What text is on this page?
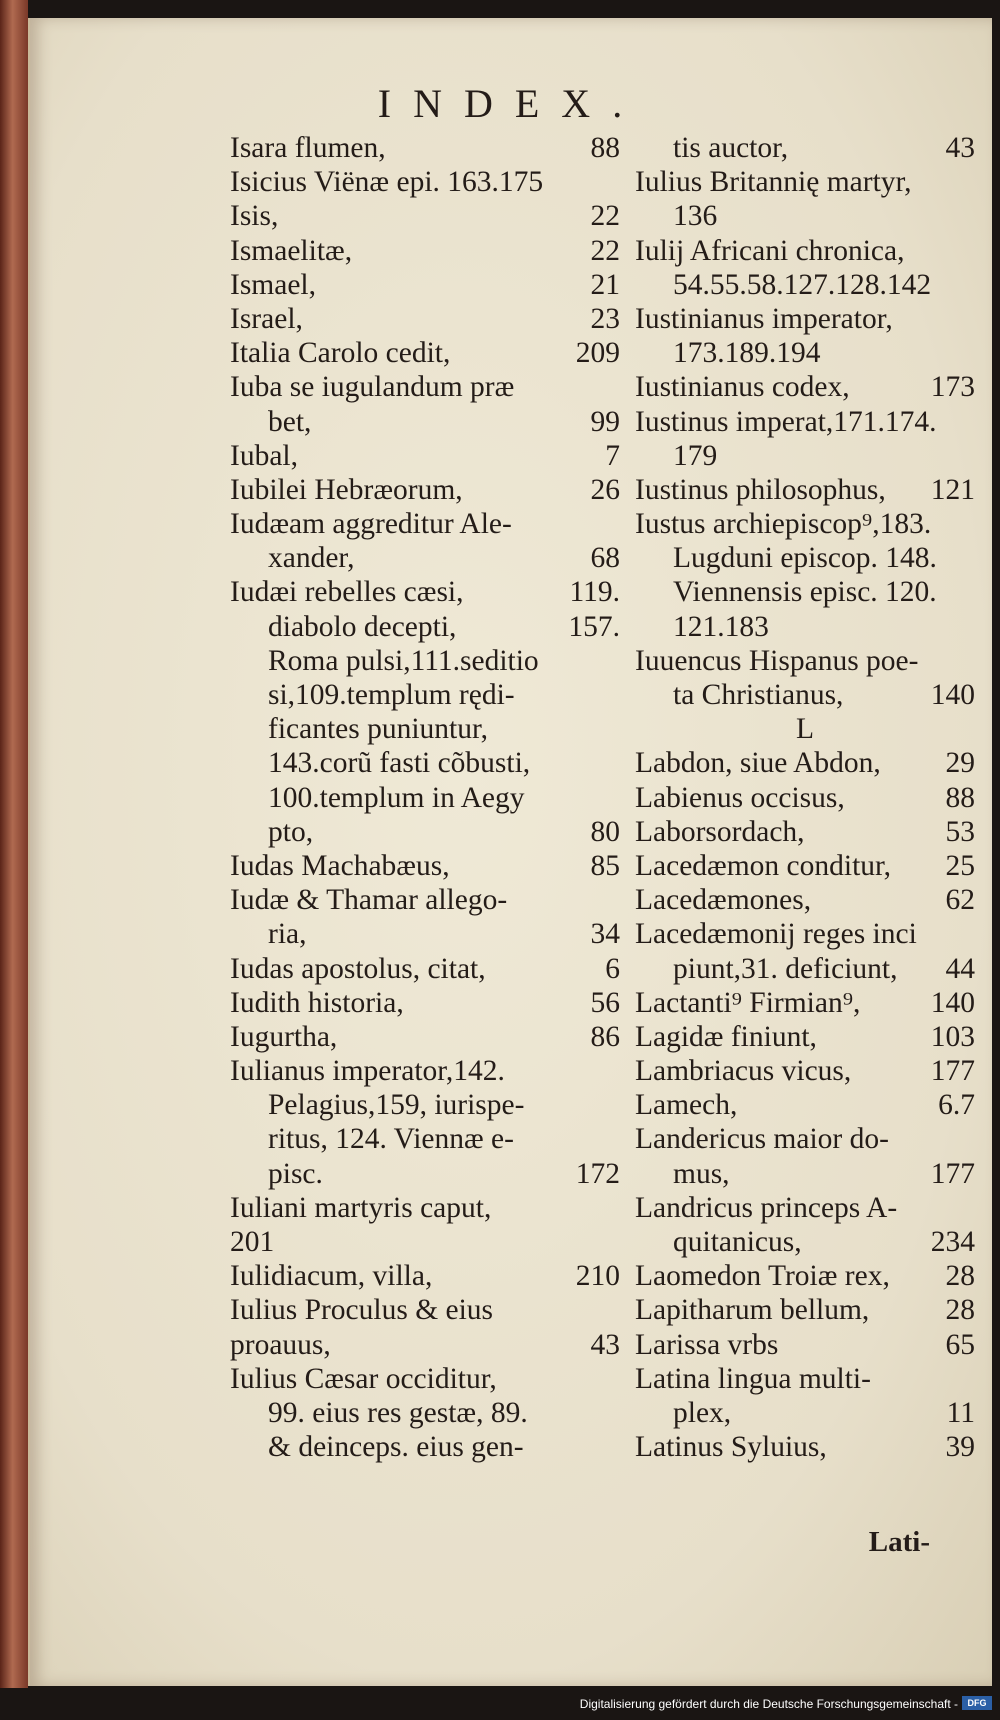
INDEX.
Isara flumen,	88
Isicius Viënæ epi. 163.175
Isis,	22
Ismaelitæ,	22
Ismael,	21
Israel,	23
Italia Carolo cedit,	209
Iuba se iugulandum præ
bet,	99
Iubal,	7
Iubilei Hebræorum,	26
Iudæam aggreditur Ale-
xander,	68
Iudæi rebelles cæsi,	119.
diabolo decepti,	157.
Roma pulsi,111.seditio
si,109.templum rędi-
ficantes puniuntur,
143.corũ fasti cõbusti,
100.templum in Aegy
pto,	80
Iudas Machabæus,	85
Iudæ & Thamar allego-
ria,	34
Iudas apostolus, citat,	6
Iudith historia,	56
Iugurtha,	86
Iulianus imperator,142.
Pelagius,159, iurispe-
ritus, 124. Viennæ e-
pisc.	172
Iuliani martyris caput,
201
Iulidiacum, villa,	210
Iulius Proculus & eius
proauus,	43
Iulius Cæsar occiditur,
99. eius res gestæ, 89.
& deinceps. eius gen-
tis auctor,	43
Iulius Britannię martyr,
136
Iulij Africani chronica,
54.55.58.127.128.142
Iustinianus imperator,
173.189.194
Iustinianus codex,	173
Iustinus imperat,171.174.
179
Iustinus philosophus, 121
Iustus archiepiscop⁹,183.
Lugduni episcop. 148.
Viennensis episc. 120.
121.183
Iuuencus Hispanus poe-
ta Christianus,	140
L
Labdon, siue Abdon, 29
Labienus occisus,	88
Laborsordach,	53
Lacedæmon conditur, 25
Lacedæmones,	62
Lacedæmonij reges inci
piunt,31. deficiunt, 44
Lactanti⁹ Firmian⁹, 140
Lagidæ finiunt,	103
Lambriacus vicus,	177
Lamech,	6.7
Landericus maior do-
mus,	177
Landricus princeps A-
quitanicus,	234
Laomedon Troiæ rex, 28
Lapitharum bellum,	28
Larissa vrbs	65
Latina lingua multi-
plex,	11
Latinus Syluius,	39
Lati-
Digitalisierung gefördert durch die Deutsche Forschungsgemeinschaft -	DFG
